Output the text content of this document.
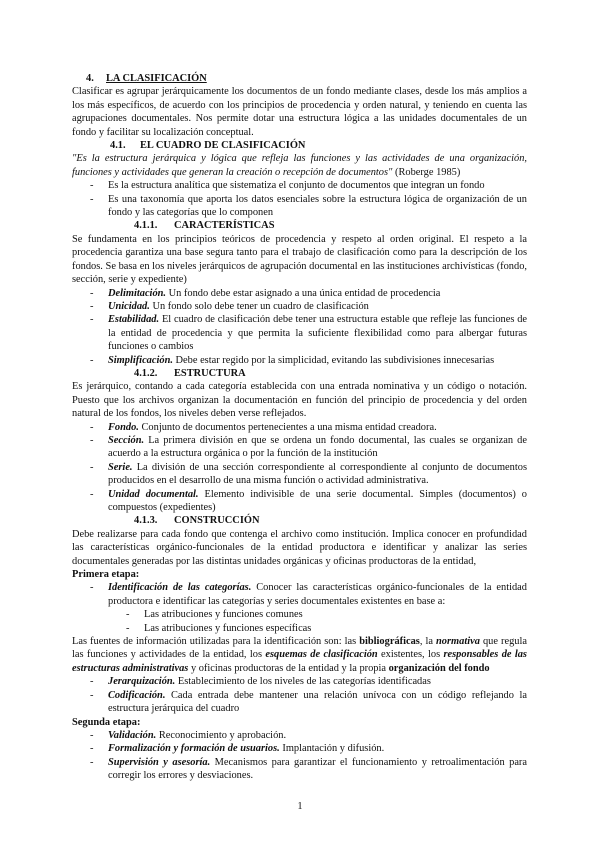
4. LA CLASIFICACIÓN

Clasificar es agrupar jerárquicamente los documentos de un fondo mediante clases, desde los más amplios a los más específicos, de acuerdo con los principios de procedencia y orden natural, y teniendo en cuenta las agrupaciones documentales. Nos permite dotar una estructura lógica a las unidades documentales de un fondo y facilitar su localización conceptual.

4.1. EL CUADRO DE CLASIFICACIÓN

"Es la estructura jerárquica y lógica que refleja las funciones y las actividades de una organización, funciones y actividades que generan la creación o recepción de documentos" (Roberge 1985)

- Es la estructura analítica que sistematiza el conjunto de documentos que integran un fondo
- Es una taxonomía que aporta los datos esenciales sobre la estructura lógica de organización de un fondo y las categorías que lo componen

4.1.1. CARACTERÍSTICAS

Se fundamenta en los principios teóricos de procedencia y respeto al orden original. El respeto a la procedencia garantiza una base segura tanto para el trabajo de clasificación como para la descripción de los fondos. Se basa en los niveles jerárquicos de agrupación documental en las instituciones archivísticas (fondo, sección, serie y expediente)

- Delimitación. Un fondo debe estar asignado a una única entidad de procedencia
- Unicidad. Un fondo solo debe tener un cuadro de clasificación
- Estabilidad. El cuadro de clasificación debe tener una estructura estable que refleje las funciones de la entidad de procedencia y que permita la suficiente flexibilidad como para albergar futuras funciones o cambios
- Simplificación. Debe estar regido por la simplicidad, evitando las subdivisiones innecesarias

4.1.2. ESTRUCTURA

Es jerárquico, contando a cada categoría establecida con una entrada nominativa y un código o notación. Puesto que los archivos organizan la documentación en función del principio de procedencia y del orden natural de los fondos, los niveles deben verse reflejados.

- Fondo. Conjunto de documentos pertenecientes a una misma entidad creadora.
- Sección. La primera división en que se ordena un fondo documental, las cuales se organizan de acuerdo a la estructura orgánica o por la función de la institución
- Serie. La división de una sección correspondiente al correspondiente al conjunto de documentos producidos en el desarrollo de una misma función o actividad administrativa.
- Unidad documental. Elemento indivisible de una serie documental. Simples (documentos) o compuestos (expedientes)

4.1.3. CONSTRUCCIÓN

Debe realizarse para cada fondo que contenga el archivo como institución. Implica conocer en profundidad las características orgánico-funcionales de la entidad productora e identificar y analizar las series documentales generadas por las distintas unidades orgánicas y oficinas productoras de la entidad,

Primera etapa:

- Identificación de las categorías. Conocer las características orgánico-funcionales de la entidad productora e identificar las categorías y series documentales existentes en base a:
- Las atribuciones y funciones comunes
- Las atribuciones y funciones específicas

Las fuentes de información utilizadas para la identificación son: las bibliográficas, la normativa que regula las funciones y actividades de la entidad, los esquemas de clasificación existentes, los responsables de las estructuras administrativas y oficinas productoras de la entidad y la propia organización del fondo

- Jerarquización. Establecimiento de los niveles de las categorías identificadas
- Codificación. Cada entrada debe mantener una relación unívoca con un código reflejando la estructura jerárquica del cuadro

Segunda etapa:

- Validación. Reconocimiento y aprobación.
- Formalización y formación de usuarios. Implantación y difusión.
- Supervisión y asesoría. Mecanismos para garantizar el funcionamiento y retroalimentación para corregir los errores y desviaciones.
1
